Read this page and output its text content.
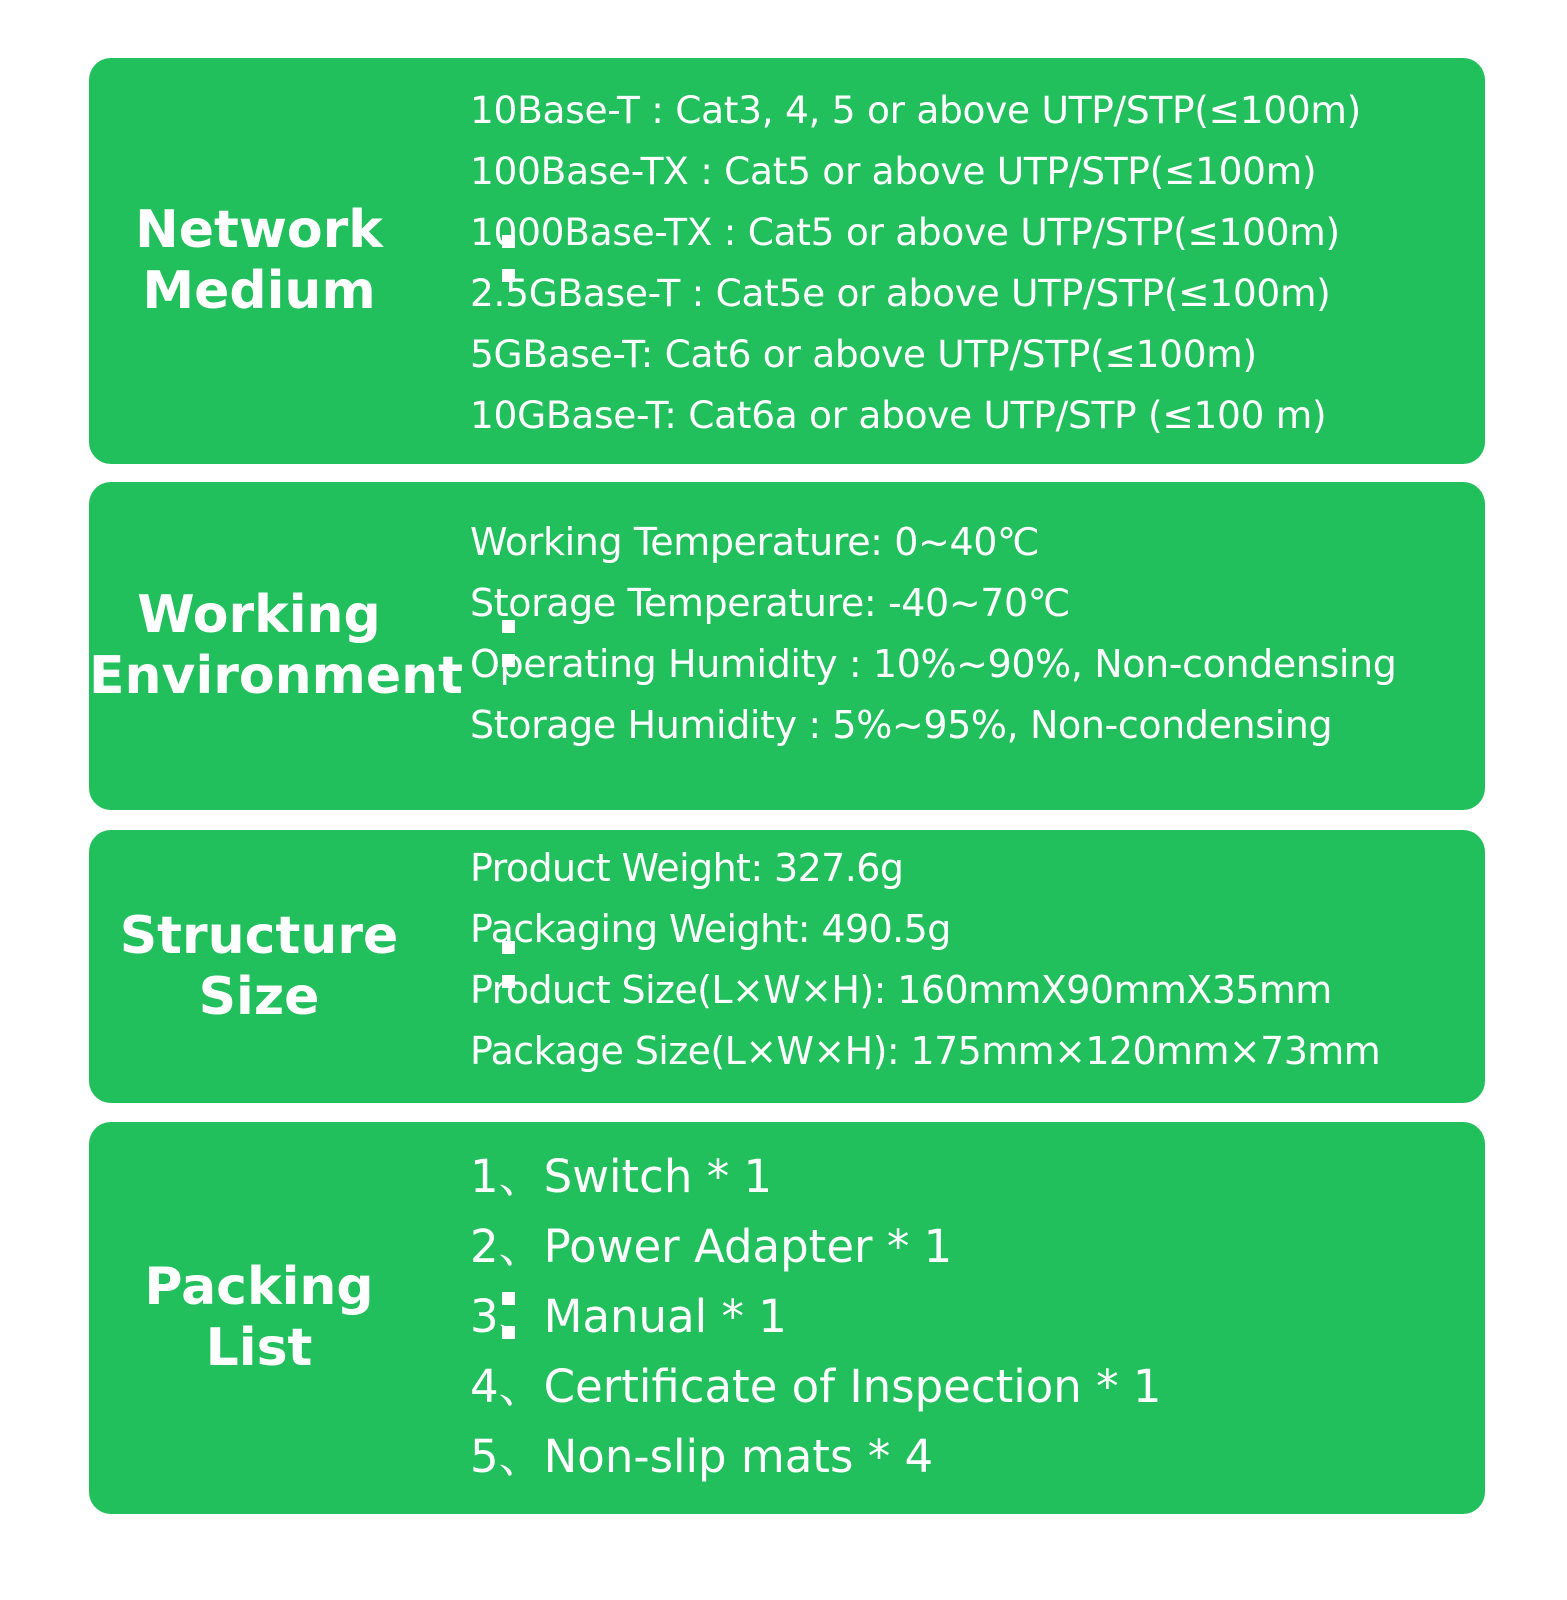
Network
Medium
10Base-T : Cat3, 4, 5 or above UTP/STP(≤100m)
100Base-TX : Cat5 or above UTP/STP(≤100m)
1000Base-TX : Cat5 or above UTP/STP(≤100m)
2.5GBase-T : Cat5e or above UTP/STP(≤100m)
5GBase-T: Cat6 or above UTP/STP(≤100m)
10GBase-T: Cat6a or above UTP/STP (≤100 m)
Working
Environment
Working Temperature: 0~40℃
Storage Temperature: -40~70℃
Operating Humidity : 10%~90%, Non-condensing
Storage Humidity : 5%~95%, Non-condensing
Structure
Size
Product Weight: 327.6g
Packaging Weight: 490.5g
Product Size(L×W×H): 160mmX90mmX35mm
Package Size(L×W×H): 175mm×120mm×73mm
Packing
List
1、Switch * 1
2、Power Adapter * 1
3、Manual * 1
4、Certificate of Inspection * 1
5、Non-slip mats * 4
